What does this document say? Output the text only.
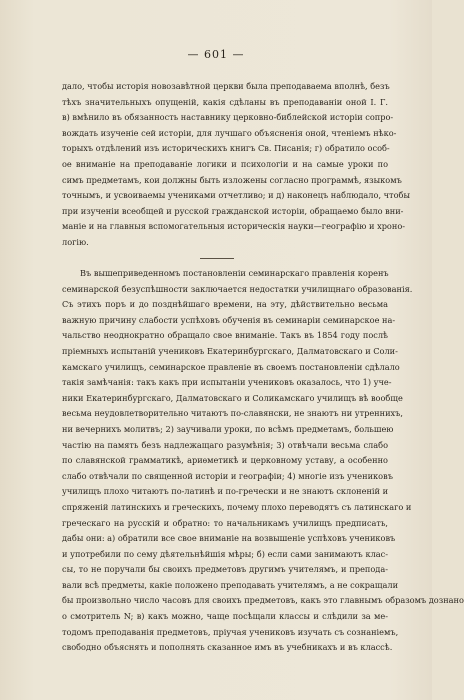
— 601 —
дало, чтобы исторiя новозавѣтной церкви была преподаваема вполнѣ, безъ
тѣхъ значительныхъ опущенiй, какiя сдѣланы въ преподаванiи оной І. Г.
в) вмѣнило въ обязанность наставнику церковно-библейской исторiи сопро-
вождать изученiе сей исторiи, для лучшаго объясненiя оной, чтенiемъ нѣко-
торыхъ отдѣлений изъ историческихъ книгъ Св. Писанiя; г) обратило особ-
ое вниманiе на преподаванiе логики и психологiи и на самые уроки по
симъ предметамъ, кои должны быть изложены согласно программѣ, языкомъ
точнымъ, и усвоиваемы учениками отчетливо; и д) наконецъ наблюдало, чтобы
при изученiи всеобщей и русской гражданской исторiи, обращаемо было вни-
манiе и на главныя вспомогательныя историческiя науки—географiю и хроно-
логiю.
Въ вышеприведенномъ постановленiи семинарскаго правленiя коренъ
семинарской безуспѣшности заключается недостатки училищнаго образованiя.
Съ этихъ поръ и до позднѣйшаго времени, на эту, дѣйствительно весьма
важную причину слабости успѣховъ обученiя въ семинарiи семинарское на-
чальство неоднократно обращало свое вниманiе. Такъ въ 1854 году послѣ
прiемныхъ испытанiй учениковъ Екатеринбургскаго, Далматовскаго и Соли-
камскаго училищъ, семинарское правленiе въ своемъ постановленiи сдѣлало
такiя замѣчанiя: такъ какъ при испытанiи учениковъ оказалось, что 1) уче-
ники Екатеринбургскаго, Далматовскаго и Соликамскаго училищъ вѣ вообще
весьма неудовлетворительно читаютъ по-славянски, не знаютъ ни утреннихъ,
ни вечернихъ молитвъ; 2) заучивали уроки, по всѣмъ предметамъ, большею
частiю на память безъ надлежащаго разумѣнiя; 3) отвѣчали весьма слабо
по славянской грамматикѣ, ариѳметикѣ и церковному уставу, а особенно
слабо отвѣчали по священной исторiи и географiи; 4) многiе изъ учениковъ
училищъ плохо читаютъ по-латинѣ и по-гречески и не знаютъ склоненiй и
спряженiй латинскихъ и греческихъ, почему плохо переводятъ съ латинскаго и
греческаго на русскiй и обратно: то начальникамъ училищъ предписать,
дабы они: а) обратили все свое вниманiе на возвышенiе успѣховъ учениковъ
и употребили по сему дѣятельнѣйшiя мѣры; б) если сами занимаютъ клас-
сы, то не поручали бы своихъ предметовъ другимъ учителямъ, и препода-
вали всѣ предметы, какiе положено преподавать учителямъ, а не сокращали
бы произвольно число часовъ для своихъ предметовъ, какъ это главнымъ образомъ дознано
о смотритель N; в) какъ можно, чаще посѣщали классы и слѣдили за ме-
тодомъ преподаванiя предметовъ, прiучая учениковъ изучать съ сознанiемъ,
свободно объяснять и пополнять сказанное имъ въ учебникахъ и въ классѣ.
